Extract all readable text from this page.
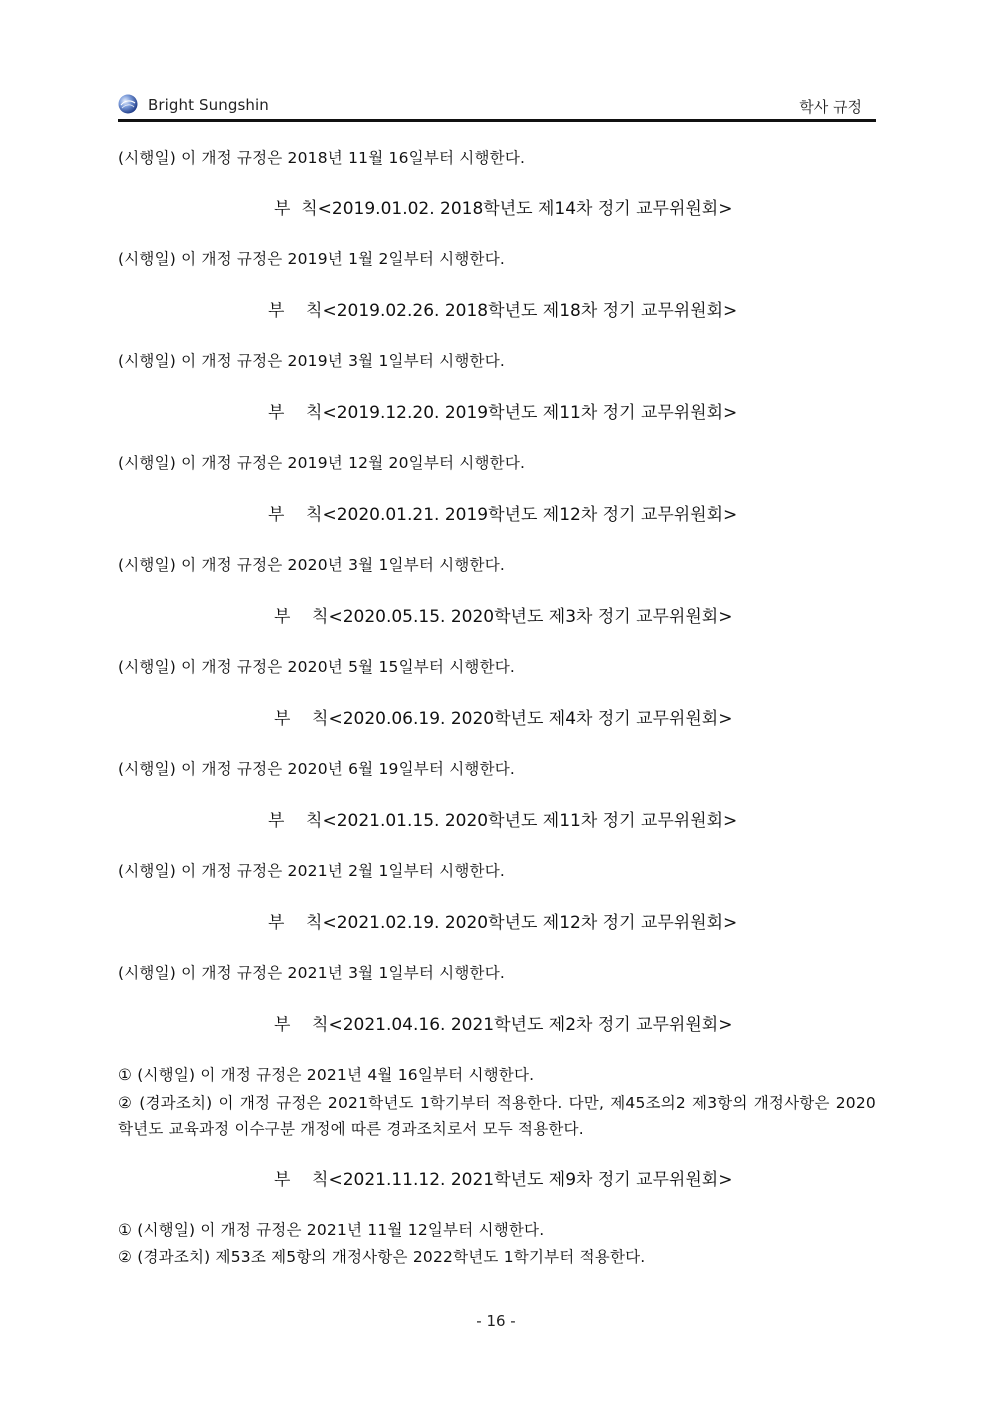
Bright Sungshin	학사 규정
(시행일) 이 개정 규정은 2018년 11월 16일부터 시행한다.
부  칙<2019.01.02. 2018학년도 제14차 정기 교무위원회>
(시행일) 이 개정 규정은 2019년 1월 2일부터 시행한다.
부    칙<2019.02.26. 2018학년도 제18차 정기 교무위원회>
(시행일) 이 개정 규정은 2019년 3월 1일부터 시행한다.
부    칙<2019.12.20. 2019학년도 제11차 정기 교무위원회>
(시행일) 이 개정 규정은 2019년 12월 20일부터 시행한다.
부    칙<2020.01.21. 2019학년도 제12차 정기 교무위원회>
(시행일) 이 개정 규정은 2020년 3월 1일부터 시행한다.
부    칙<2020.05.15. 2020학년도 제3차 정기 교무위원회>
(시행일) 이 개정 규정은 2020년 5월 15일부터 시행한다.
부    칙<2020.06.19. 2020학년도 제4차 정기 교무위원회>
(시행일) 이 개정 규정은 2020년 6월 19일부터 시행한다.
부    칙<2021.01.15. 2020학년도 제11차 정기 교무위원회>
(시행일) 이 개정 규정은 2021년 2월 1일부터 시행한다.
부    칙<2021.02.19. 2020학년도 제12차 정기 교무위원회>
(시행일) 이 개정 규정은 2021년 3월 1일부터 시행한다.
부    칙<2021.04.16. 2021학년도 제2차 정기 교무위원회>
① (시행일) 이 개정 규정은 2021년 4월 16일부터 시행한다.
② (경과조치) 이 개정 규정은 2021학년도 1학기부터 적용한다. 다만, 제45조의2 제3항의 개정사항은 2020학년도 교육과정 이수구분 개정에 따른 경과조치로서 모두 적용한다.
부    칙<2021.11.12. 2021학년도 제9차 정기 교무위원회>
① (시행일) 이 개정 규정은 2021년 11월 12일부터 시행한다.
② (경과조치) 제53조 제5항의 개정사항은 2022학년도 1학기부터 적용한다.
- 16 -
